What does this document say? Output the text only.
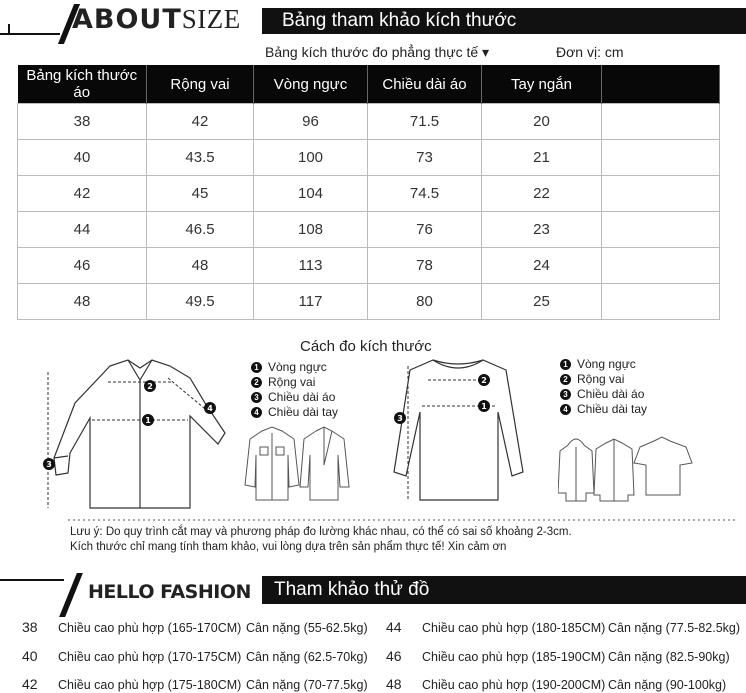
Bảng tham khảo kích thước
ABOUTSIZE
Bảng kích thước đo phẳng thực tế ▾	Đơn vị: cm
Bảng kích thước áo	Rộng vai	Vòng ngực	Chiều dài áo	Tay ngắn	
38	42	96	71.5	20	
40	43.5	100	73	21	
42	45	104	74.5	22	
44	46.5	108	76	23	
46	48	113	78	24	
48	49.5	117	80	25	
Cách đo kích thước
1
2
3
4
1 Vòng ngực
2 Rộng vai
3 Chiều dài áo
4 Chiều dài tay	1
2
3
1 Vòng ngực
2 Rộng vai
3 Chiều dài áo
4 Chiều dài tay
Lưu ý: Do quy trình cắt may và phương pháp đo lường khác nhau, có thể có sai số khoảng 2-3cm.
Kích thước chỉ mang tính tham khảo, vui lòng dựa trên sản phẩm thực tế! Xin cảm ơn
Tham khảo thử đồ
HELLO FASHION
38 Chiều cao phù hợp (165-170CM) Cân nặng (55-62.5kg)
40 Chiều cao phù hợp (170-175CM) Cân nặng (62.5-70kg)
42 Chiều cao phù hợp (175-180CM) Cân nặng (70-77.5kg)
44 Chiều cao phù hợp (180-185CM) Cân nặng (77.5-82.5kg)
46 Chiều cao phù hợp (185-190CM) Cân nặng (82.5-90kg)
48 Chiều cao phù hợp (190-200CM) Cân nặng (90-100kg)
